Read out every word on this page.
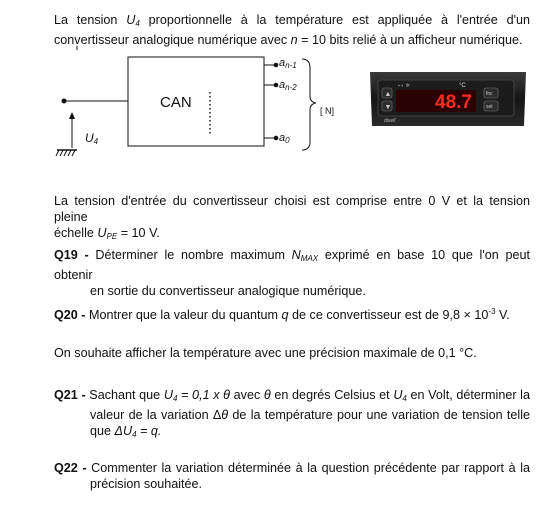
La tension $U_4$ proportionnelle à la température est appliquée à l'entrée d'un
convertisseur analogique numérique avec n = 10 bits relié à un afficheur numérique.
U4
CAN
an-1
an-2
a0
[ N]
▲
▼
▪ ◐ ✲	°C
48.7	fnc
set
dixell
La tension d'entrée du convertisseur choisi est comprise entre 0 V et la tension pleine
échelle $U_{PE} = 10$ V.
Q19 - Déterminer le nombre maximum $N_{MAX}$ exprimé en base 10 que l'on peut obtenir
en sortie du convertisseur analogique numérique.
Q20 - Montrer que la valeur du quantum q de ce convertisseur est de $9,8 \times 10^{-3}$ V.
On souhaite afficher la température avec une précision maximale de 0,1 °C.
Q21 - Sachant que $U_4 = 0,1$ x θ avec θ en degrés Celsius et $U_4$ en Volt, déterminer la
valeur de la variation Δθ de la température pour une variation de tension telle
que $\Delta U_4 = q$.
Q22 - Commenter la variation déterminée à la question précédente par rapport à la
précision souhaitée.
